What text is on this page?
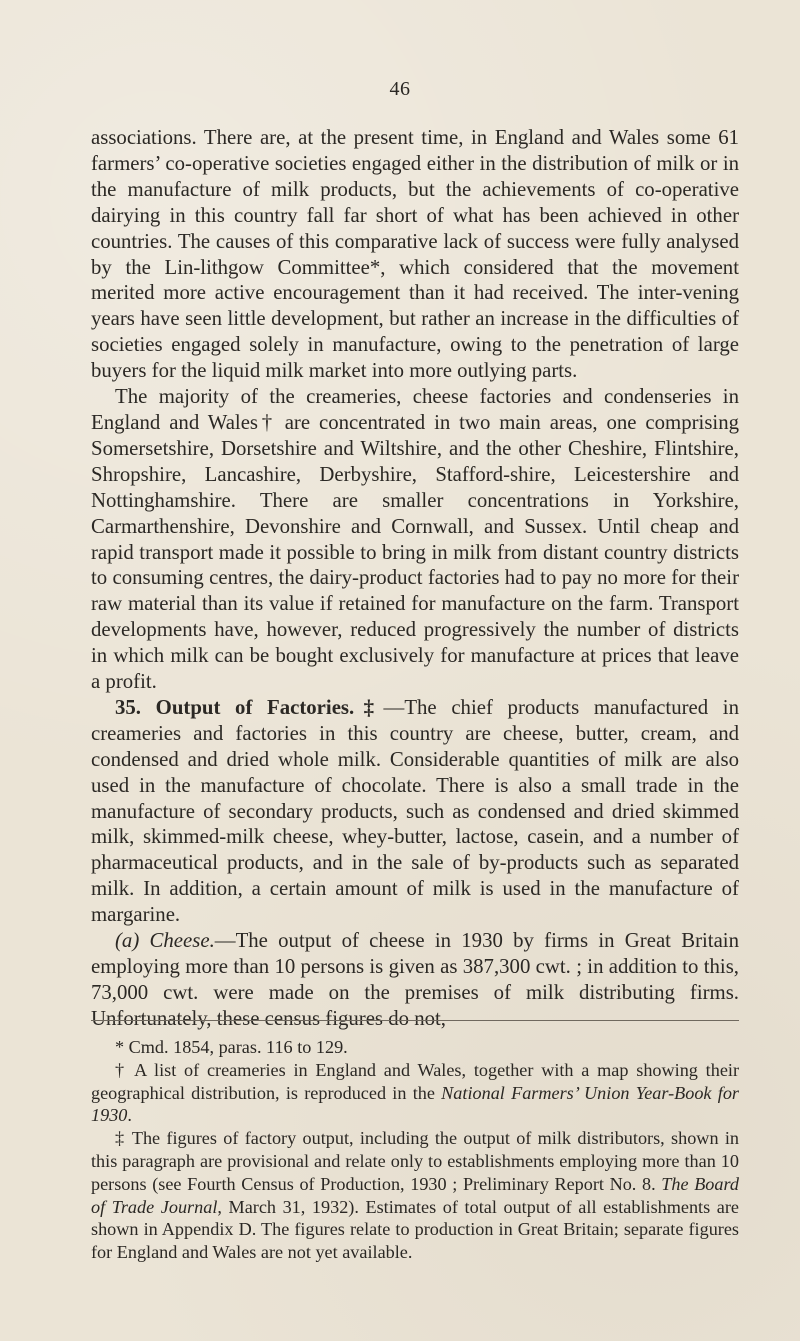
46

associations. There are, at the present time, in England and Wales some 61 farmers’ co-operative societies engaged either in the distribution of milk or in the manufacture of milk products, but the achievements of co-operative dairying in this country fall far short of what has been achieved in other countries. The causes of this comparative lack of success were fully analysed by the Lin-lithgow Committee*, which considered that the movement merited more active encouragement than it had received. The inter-vening years have seen little development, but rather an increase in the difficulties of societies engaged solely in manufacture, owing to the penetration of large buyers for the liquid milk market into more outlying parts.

The majority of the creameries, cheese factories and condenseries in England and Wales† are concentrated in two main areas, one comprising Somersetshire, Dorsetshire and Wiltshire, and the other Cheshire, Flintshire, Shropshire, Lancashire, Derbyshire, Stafford-shire, Leicestershire and Nottinghamshire. There are smaller concentrations in Yorkshire, Carmarthenshire, Devonshire and Cornwall, and Sussex. Until cheap and rapid transport made it possible to bring in milk from distant country districts to consuming centres, the dairy-product factories had to pay no more for their raw material than its value if retained for manufacture on the farm. Transport developments have, however, reduced progressively the number of districts in which milk can be bought exclusively for manufacture at prices that leave a profit.

35. Output of Factories.‡—The chief products manufactured in creameries and factories in this country are cheese, butter, cream, and condensed and dried whole milk. Considerable quantities of milk are also used in the manufacture of chocolate. There is also a small trade in the manufacture of secondary products, such as condensed and dried skimmed milk, skimmed-milk cheese, whey-butter, lactose, casein, and a number of pharmaceutical products, and in the sale of by-products such as separated milk. In addition, a certain amount of milk is used in the manufacture of margarine.

(a) Cheese.—The output of cheese in 1930 by firms in Great Britain employing more than 10 persons is given as 387,300 cwt. ; in addition to this, 73,000 cwt. were made on the premises of milk distributing firms. Unfortunately, these census figures do not,

* Cmd. 1854, paras. 116 to 129.

† A list of creameries in England and Wales, together with a map showing their geographical distribution, is reproduced in the National Farmers’ Union Year-Book for 1930.

‡ The figures of factory output, including the output of milk distributors, shown in this paragraph are provisional and relate only to establishments employing more than 10 persons (see Fourth Census of Production, 1930 ; Preliminary Report No. 8. The Board of Trade Journal, March 31, 1932). Estimates of total output of all establishments are shown in Appendix D. The figures relate to production in Great Britain; separate figures for England and Wales are not yet available.
